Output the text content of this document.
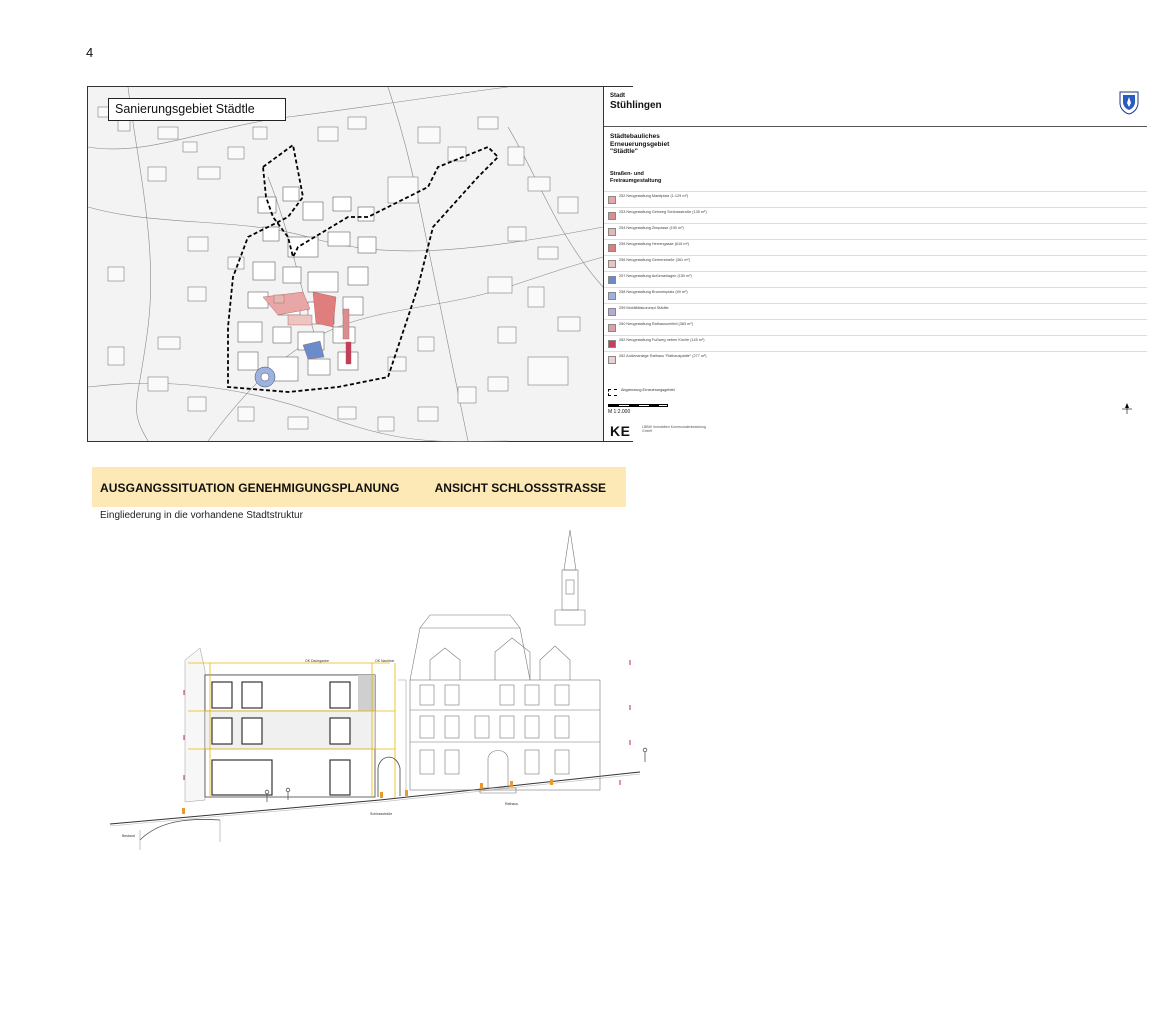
4
Sanierungsgebiet Städtle
Stadt
Stühlingen
Städtebauliches
Erneuerungsgebiet
"Städtle"
Straßen- und
Freiraumgestaltung
252 Neugestaltung Marktplatz (1.129 m²)
253 Neugestaltung Gehweg Schlossstraße (135 m²)
254 Neugestaltung Zimpasse (190 m²)
255 Neugestaltung Herrengasse (616 m²)
256 Neugestaltung Gerberstraße (361 m²)
257 Neugestaltung Außenanlagen (150 m²)
258 Neugestaltung Brunnenplatz (69 m²)
259 Mobilitätskonzept Städtle
260 Neugestaltung Rathausumfeld (383 m²)
262 Neugestaltung Fußweg neben Kirche (145 m²)
262 Außenanlage Rathaus "Rathausplatte" (277 m²)
Abgrenzung Erneuerungsgebiet
M 1:2.000
KE	LBBW Immobilien Kommunalentwicklung GmbH
AUSGANGSSITUATION GENEHMIGUNGSPLANUNG	ANSICHT SCHLOSSSTRASSE
Eingliederung in die vorhandene Stadtstruktur
OK Dachgaube	OK Nachbar
Bestand
Schlossstraße
Rathaus
